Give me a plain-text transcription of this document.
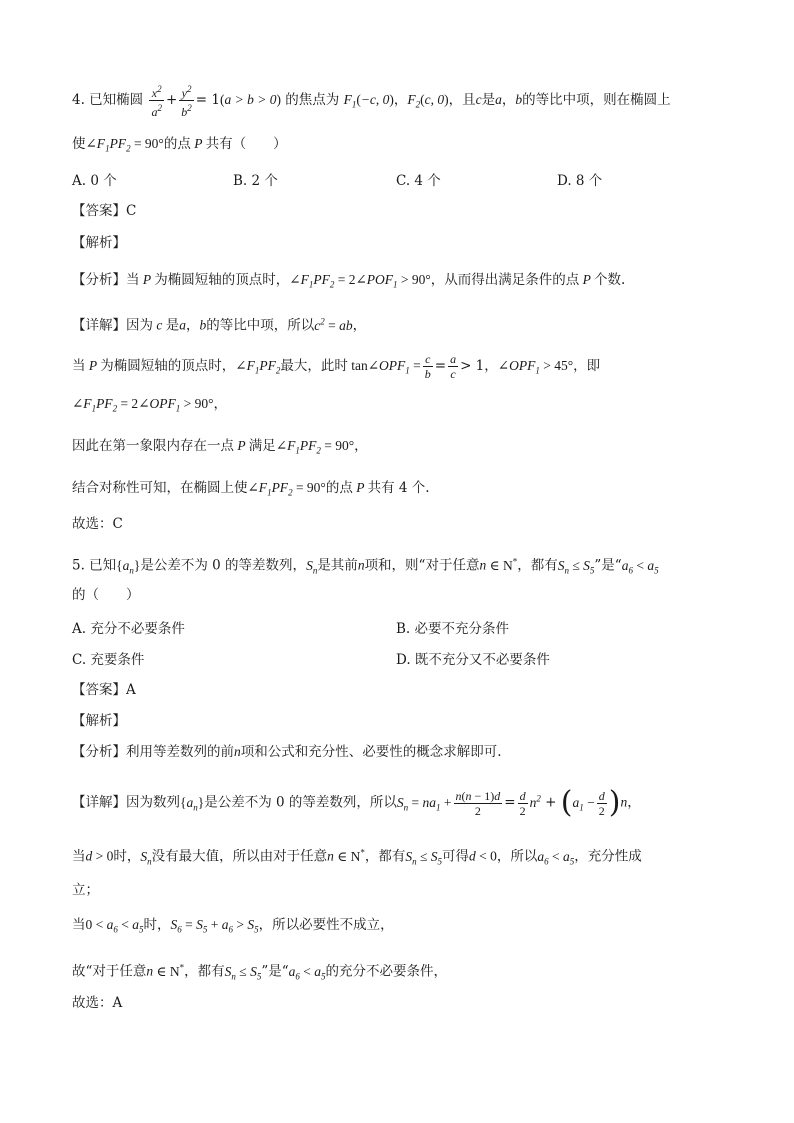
4. 已知椭圆 $\frac{x^2}{a^2} + \frac{y^2}{b^2} = 1(a > b > 0)$ 的焦点为 $F_1(-c$, 0)，$F_2(c$, 0)，且c是a，b的等比中项，则在椭圆上
使$\angle F_1PF_2 = 90^\circ$的点 P 共有（　　）
A. 0 个	B. 2 个	C. 4 个	D. 8 个
【答案】C
【解析】
【分析】当 P 为椭圆短轴的顶点时，$\angle F_1PF_2$ = $2\angle POF_1 > 90^\circ$，从而得出满足条件的点 P 个数.
【详解】因为 c 是a，b的等比中项，所以$c^2$ = ab，
当 P 为椭圆短轴的顶点时，$\angle F_1PF_2$最大，此时 $\tan\angle OPF_1 = \frac{c}{b} = \frac{a}{c} > 1$，$\angle OPF_1 > 45^\circ$，即
$\angle F_1PF_2$ = $2\angle OPF_1 > 90^\circ$，
因此在第一象限内存在一点 P 满足$\angle F_1PF_2 = 90^\circ$，
结合对称性可知，在椭圆上使$\angle F_1PF_2 = 90^\circ$的点 P 共有 4 个.
故选：C
5. 已知$\{a_n\}$是公差不为 0 的等差数列，$S_n$是其前n项和，则“对于任意n ∈ N*，都有$S_n \le S_5$”是“$a_6 < a_5$
的（　　）
A. 充分不必要条件	B. 必要不充分条件
C. 充要条件	D. 既不充分又不必要条件
【答案】A
【解析】
【分析】利用等差数列的前n项和公式和充分性、必要性的概念求解即可.
【详解】因为数列$\{a_n\}$是公差不为 0 的等差数列，所以$S_n = na_1 + \frac{n(n - 1)d}{2} = \frac{d}{2} n^2 + (a_1 - \frac{d}{2} )n$，
当d > 0时，$S_n$没有最大值，所以由对于任意n ∈ N*，都有$S_n \le S_5$可得d < 0，所以$a_6 < a_5$，充分性成
立；
当$0 < a_6 < a_5$时，$S_6 = S_5 + a_6 > S_5$，所以必要性不成立，
故“对于任意n ∈ N*，都有$S_n \le S_5$”是“$a_6 < a_5$的充分不必要条件，
故选：A
